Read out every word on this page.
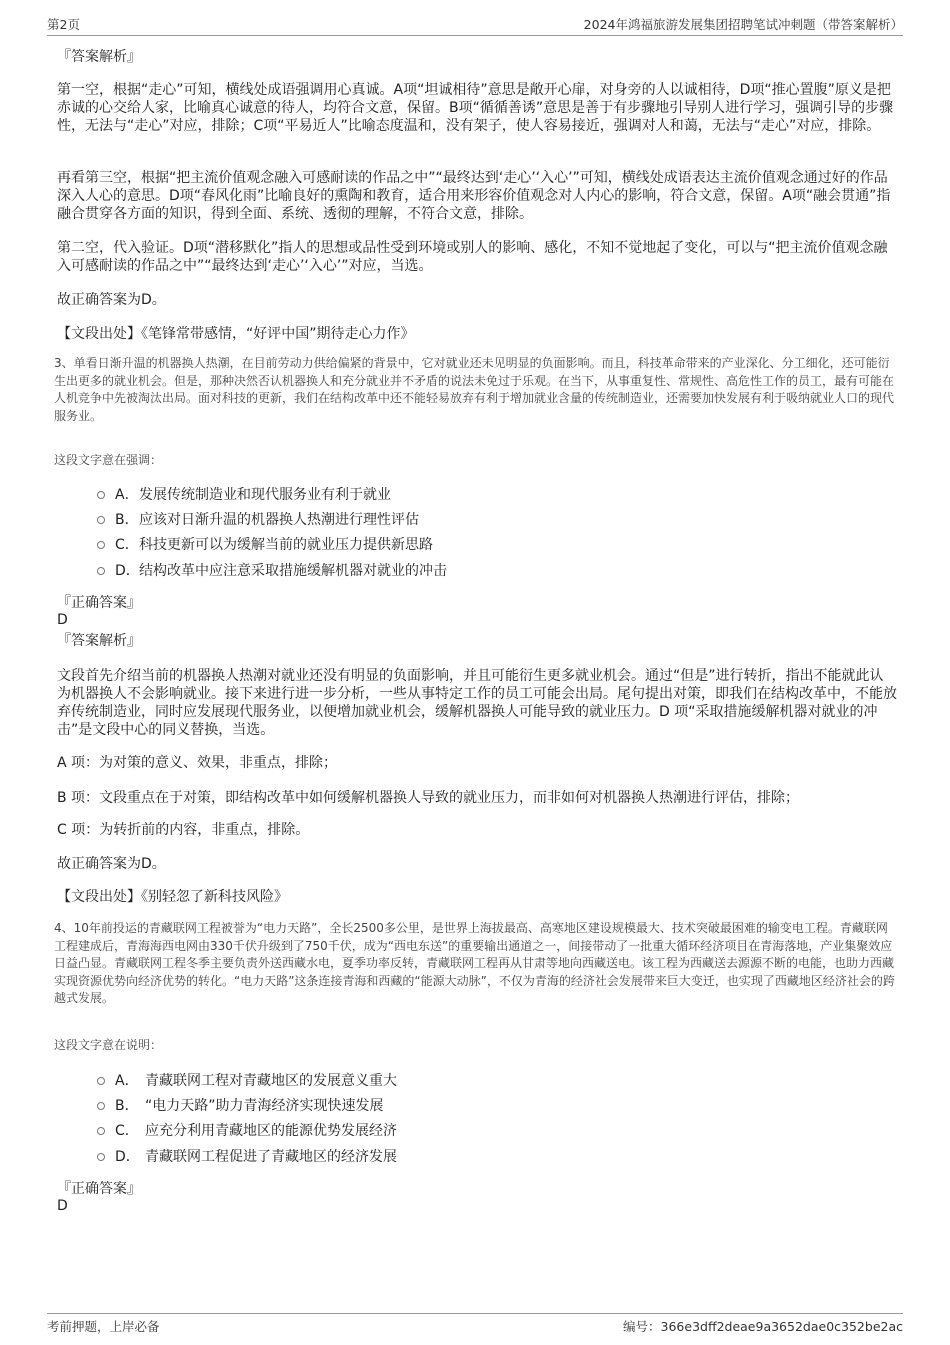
第2页	2024年鸿福旅游发展集团招聘笔试冲刺题（带答案解析）

『答案解析』

第一空，根据“走心”可知，横线处成语强调用心真诚。A项“坦诚相待”意思是敞开心扉，对身旁的人以诚相待，D项“推心置腹”原义是把赤诚的心交给人家，比喻真心诚意的待人，均符合文意，保留。B项“循循善诱”意思是善于有步骤地引导别人进行学习，强调引导的步骤性，无法与“走心”对应，排除；C项“平易近人”比喻态度温和，没有架子，使人容易接近，强调对人和蔼，无法与“走心”对应，排除。

再看第三空，根据“把主流价值观念融入可感耐读的作品之中”“最终达到‘走心’‘入心’”可知，横线处成语表达主流价值观念通过好的作品深入人心的意思。D项“春风化雨”比喻良好的熏陶和教育，适合用来形容价值观念对人内心的影响，符合文意，保留。A项“融会贯通”指融合贯穿各方面的知识，得到全面、系统、透彻的理解，不符合文意，排除。

第二空，代入验证。D项“潜移默化”指人的思想或品性受到环境或别人的影响、感化，不知不觉地起了变化，可以与“把主流价值观念融入可感耐读的作品之中”“最终达到‘走心’‘入心’”对应，当选。

故正确答案为D。

【文段出处】《笔锋常带感情，“好评中国”期待走心力作》

3、单看日渐升温的机器换人热潮，在目前劳动力供给偏紧的背景中，它对就业还未见明显的负面影响。而且，科技革命带来的产业深化、分工细化，还可能衍生出更多的就业机会。但是，那种决然否认机器换人和充分就业并不矛盾的说法未免过于乐观。在当下，从事重复性、常规性、高危性工作的员工，最有可能在人机竞争中先被淘汰出局。面对科技的更新，我们在结构改革中还不能轻易放弃有利于增加就业含量的传统制造业，还需要加快发展有利于吸纳就业人口的现代服务业。

这段文字意在强调：

A． 发展传统制造业和现代服务业有利于就业
B． 应该对日渐升温的机器换人热潮进行理性评估
C． 科技更新可以为缓解当前的就业压力提供新思路
D． 结构改革中应注意采取措施缓解机器对就业的冲击

『正确答案』

D

『答案解析』

文段首先介绍当前的机器换人热潮对就业还没有明显的负面影响，并且可能衍生更多就业机会。通过“但是”进行转折，指出不能就此认为机器换人不会影响就业。接下来进行进一步分析，一些从事特定工作的员工可能会出局。尾句提出对策，即我们在结构改革中，不能放弃传统制造业，同时应发展现代服务业，以便增加就业机会，缓解机器换人可能导致的就业压力。D 项“采取措施缓解机器对就业的冲击”是文段中心的同义替换，当选。

A 项：为对策的意义、效果，非重点，排除；

B 项：文段重点在于对策，即结构改革中如何缓解机器换人导致的就业压力，而非如何对机器换人热潮进行评估，排除；

C 项：为转折前的内容，非重点，排除。

故正确答案为D。

【文段出处】《别轻忽了新科技风险》

4、10年前投运的青藏联网工程被誉为“电力天路”，全长2500多公里，是世界上海拔最高、高寒地区建设规模最大、技术突破最困难的输变电工程。青藏联网工程建成后，青海海西电网由330千伏升级到了750千伏，成为“西电东送”的重要输出通道之一，间接带动了一批重大循环经济项目在青海落地，产业集聚效应日益凸显。青藏联网工程冬季主要负责外送西藏水电，夏季功率反转，青藏联网工程再从甘肃等地向西藏送电。该工程为西藏送去源源不断的电能，也助力西藏实现资源优势向经济优势的转化。“电力天路”这条连接青海和西藏的“能源大动脉”，不仅为青海的经济社会发展带来巨大变迁，也实现了西藏地区经济社会的跨越式发展。

这段文字意在说明：

A． 青藏联网工程对青藏地区的发展意义重大
B． “电力天路”助力青海经济实现快速发展
C． 应充分利用青藏地区的能源优势发展经济
D． 青藏联网工程促进了青藏地区的经济发展

『正确答案』

D

考前押题，上岸必备	编号：366e3dff2deae9a3652dae0c352be2ac
